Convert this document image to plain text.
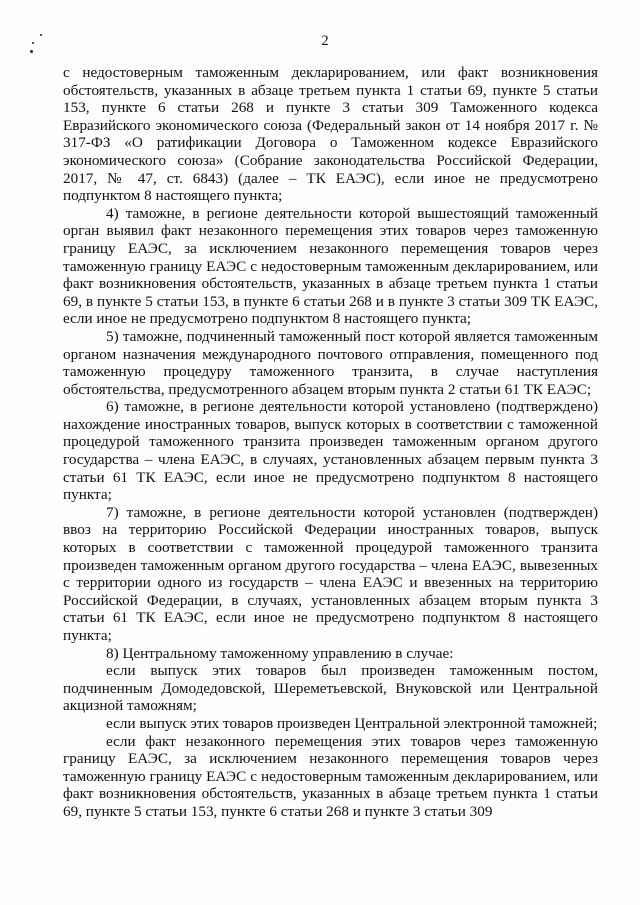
2

с недостоверным таможенным декларированием, или факт возникновения обстоятельств, указанных в абзаце третьем пункта 1 статьи 69, пункте 5 статьи 153, пункте 6 статьи 268 и пункте 3 статьи 309 Таможенного кодекса Евразийского экономического союза (Федеральный закон от 14 ноября 2017 г. № 317-ФЗ «О ратификации Договора о Таможенном кодексе Евразийского экономического союза» (Собрание законодательства Российской Федерации, 2017, № 47, ст. 6843) (далее – ТК ЕАЭС), если иное не предусмотрено подпунктом 8 настоящего пункта;

4) таможне, в регионе деятельности которой вышестоящий таможенный орган выявил факт незаконного перемещения этих товаров через таможенную границу ЕАЭС, за исключением незаконного перемещения товаров через таможенную границу ЕАЭС с недостоверным таможенным декларированием, или факт возникновения обстоятельств, указанных в абзаце третьем пункта 1 статьи 69, в пункте 5 статьи 153, в пункте 6 статьи 268 и в пункте 3 статьи 309 ТК ЕАЭС, если иное не предусмотрено подпунктом 8 настоящего пункта;

5) таможне, подчиненный таможенный пост которой является таможенным органом назначения международного почтового отправления, помещенного под таможенную процедуру таможенного транзита, в случае наступления обстоятельства, предусмотренного абзацем вторым пункта 2 статьи 61 ТК ЕАЭС;

6) таможне, в регионе деятельности которой установлено (подтверждено) нахождение иностранных товаров, выпуск которых в соответствии с таможенной процедурой таможенного транзита произведен таможенным органом другого государства – члена ЕАЭС, в случаях, установленных абзацем первым пункта 3 статьи 61 ТК ЕАЭС, если иное не предусмотрено подпунктом 8 настоящего пункта;

7) таможне, в регионе деятельности которой установлен (подтвержден) ввоз на территорию Российской Федерации иностранных товаров, выпуск которых в соответствии с таможенной процедурой таможенного транзита произведен таможенным органом другого государства – члена ЕАЭС, вывезенных с территории одного из государств – члена ЕАЭС и ввезенных на территорию Российской Федерации, в случаях, установленных абзацем вторым пункта 3 статьи 61 ТК ЕАЭС, если иное не предусмотрено подпунктом 8 настоящего пункта;

8) Центральному таможенному управлению в случае:

если выпуск этих товаров был произведен таможенным постом, подчиненным Домодедовской, Шереметьевской, Внуковской или Центральной акцизной таможням;

если выпуск этих товаров произведен Центральной электронной таможней;

если факт незаконного перемещения этих товаров через таможенную границу ЕАЭС, за исключением незаконного перемещения товаров через таможенную границу ЕАЭС с недостоверным таможенным декларированием, или факт возникновения обстоятельств, указанных в абзаце третьем пункта 1 статьи 69, пункте 5 статьи 153, пункте 6 статьи 268 и пункте 3 статьи 309
